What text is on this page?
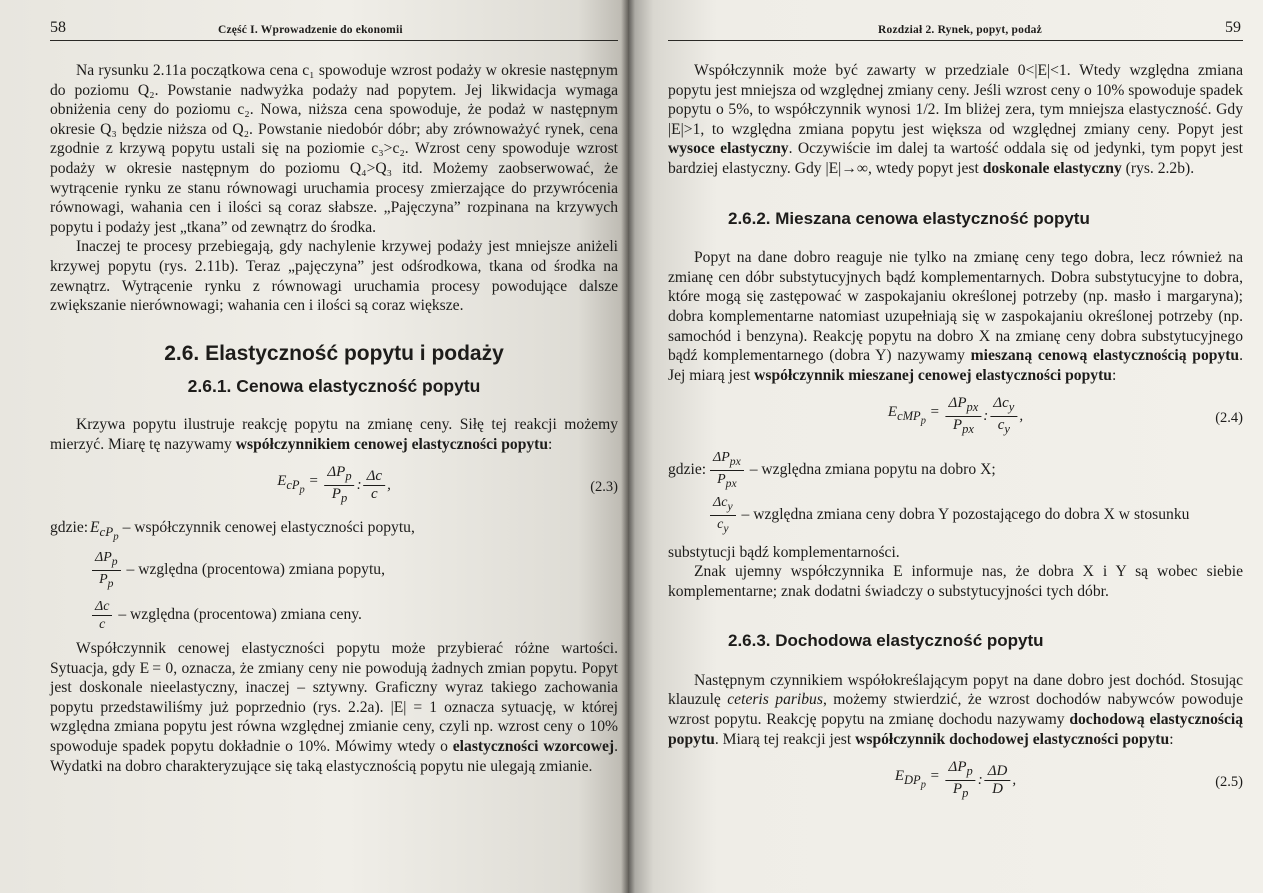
58	Część I. Wprowadzenie do ekonomii

Na rysunku 2.11a początkowa cena c₁ spowoduje wzrost podaży w okresie następnym do poziomu Q₂. Powstanie nadwyżka podaży nad popytem. Jej likwidacja wymaga obniżenia ceny do poziomu c₂. Nowa, niższa cena spowoduje, że podaż w następnym okresie Q₃ będzie niższa od Q₂. Powstanie niedobór dóbr; aby zrównoważyć rynek, cena zgodnie z krzywą popytu ustali się na poziomie c₃>c₂. Wzrost ceny spowoduje wzrost podaży w okresie następnym do poziomu Q₄>Q₃ itd. Możemy zaobserwować, że wytrącenie rynku ze stanu równowagi uruchamia procesy zmierzające do przywrócenia równowagi, wahania cen i ilości są coraz słabsze. „Pajęczyna” rozpinana na krzywych popytu i podaży jest „tkana” od zewnątrz do środka.

Inaczej te procesy przebiegają, gdy nachylenie krzywej podaży jest mniejsze aniżeli krzywej popytu (rys. 2.11b). Teraz „pajęczyna” jest odśrodkowa, tkana od środka na zewnątrz. Wytrącenie rynku z równowagi uruchamia procesy powodujące dalsze zwiększanie nierównowagi; wahania cen i ilości są coraz większe.

2.6. Elastyczność popytu i podaży
2.6.1. Cenowa elastyczność popytu

Krzywa popytu ilustruje reakcję popytu na zmianę ceny. Siłę tej reakcji możemy mierzyć. Miarę tę nazywamy współczynnikiem cenowej elastyczności popytu:

$E_{cP_p} = \frac{\Delta P_p}{P_p}$ : $\frac{\Delta c}{c}$ ,	(2.3)
gdzie: $E_{cP_p}$ – współczynnik cenowej elastyczności popytu,
$\frac{\Delta P_p}{P_p}$ – względna (procentowa) zmiana popytu,
$\frac{\Delta c}{c}$ – względna (procentowa) zmiana ceny.

Współczynnik cenowej elastyczności popytu może przybierać różne wartości. Sytuacja, gdy E = 0, oznacza, że zmiany ceny nie powodują żadnych zmian popytu. Popyt jest doskonale nieelastyczny, inaczej – sztywny. Graficzny wyraz takiego zachowania popytu przedstawiliśmy już poprzednio (rys. 2.2a). |E| = 1 oznacza sytuację, w której względna zmiana popytu jest równa względnej zmianie ceny, czyli np. wzrost ceny o 10% spowoduje spadek popytu dokładnie o 10%. Mówimy wtedy o elastyczności wzorcowej. Wydatki na dobro charakteryzujące się taką elastycznością popytu nie ulegają zmianie.

Rozdział 2. Rynek, popyt, podaż	59

Współczynnik może być zawarty w przedziale 0<|E|<1. Wtedy względna zmiana popytu jest mniejsza od względnej zmiany ceny. Jeśli wzrost ceny o 10% spowoduje spadek popytu o 5%, to współczynnik wynosi 1/2. Im bliżej zera, tym mniejsza elastyczność. Gdy |E|>1, to względna zmiana popytu jest większa od względnej zmiany ceny. Popyt jest wysoce elastyczny. Oczywiście im dalej ta wartość oddala się od jedynki, tym popyt jest bardziej elastyczny. Gdy |E|→∞, wtedy popyt jest doskonale elastyczny (rys. 2.2b).

2.6.2. Mieszana cenowa elastyczność popytu

Popyt na dane dobro reaguje nie tylko na zmianę ceny tego dobra, lecz również na zmianę cen dóbr substytucyjnych bądź komplementarnych. Dobra substytucyjne to dobra, które mogą się zastępować w zaspokajaniu określonej potrzeby (np. masło i margaryna); dobra komplementarne natomiast uzupełniają się w zaspokajaniu określonej potrzeby (np. samochód i benzyna). Reakcję popytu na dobro X na zmianę ceny dobra substytucyjnego bądź komplementarnego (dobra Y) nazywamy mieszaną cenową elastycznością popytu. Jej miarą jest współczynnik mieszanej cenowej elastyczności popytu:

$E_{cMP_p} = \frac{\Delta P_{px}}{P_{px}}$ : $\frac{\Delta c_y}{c_y}$ ,	(2.4)
gdzie: $\frac{\Delta P_{px}}{P_{px}}$ – względna zmiana popytu na dobro X;
$\frac{\Delta c_y}{c_y}$ – względna zmiana ceny dobra Y pozostającego do dobra X w stosunku

substytucji bądź komplementarności.

Znak ujemny współczynnika E informuje nas, że dobra X i Y są wobec siebie komplementarne; znak dodatni świadczy o substytucyjności tych dóbr.

2.6.3. Dochodowa elastyczność popytu

Następnym czynnikiem współokreślającym popyt na dane dobro jest dochód. Stosując klauzulę ceteris paribus, możemy stwierdzić, że wzrost dochodów nabywców powoduje wzrost popytu. Reakcję popytu na zmianę dochodu nazywamy dochodową elastycznością popytu. Miarą tej reakcji jest współczynnik dochodowej elastyczności popytu:

$E_{DP_p} = \frac{\Delta P_p}{P_p}$ : $\frac{\Delta D}{D}$ ,	(2.5)
